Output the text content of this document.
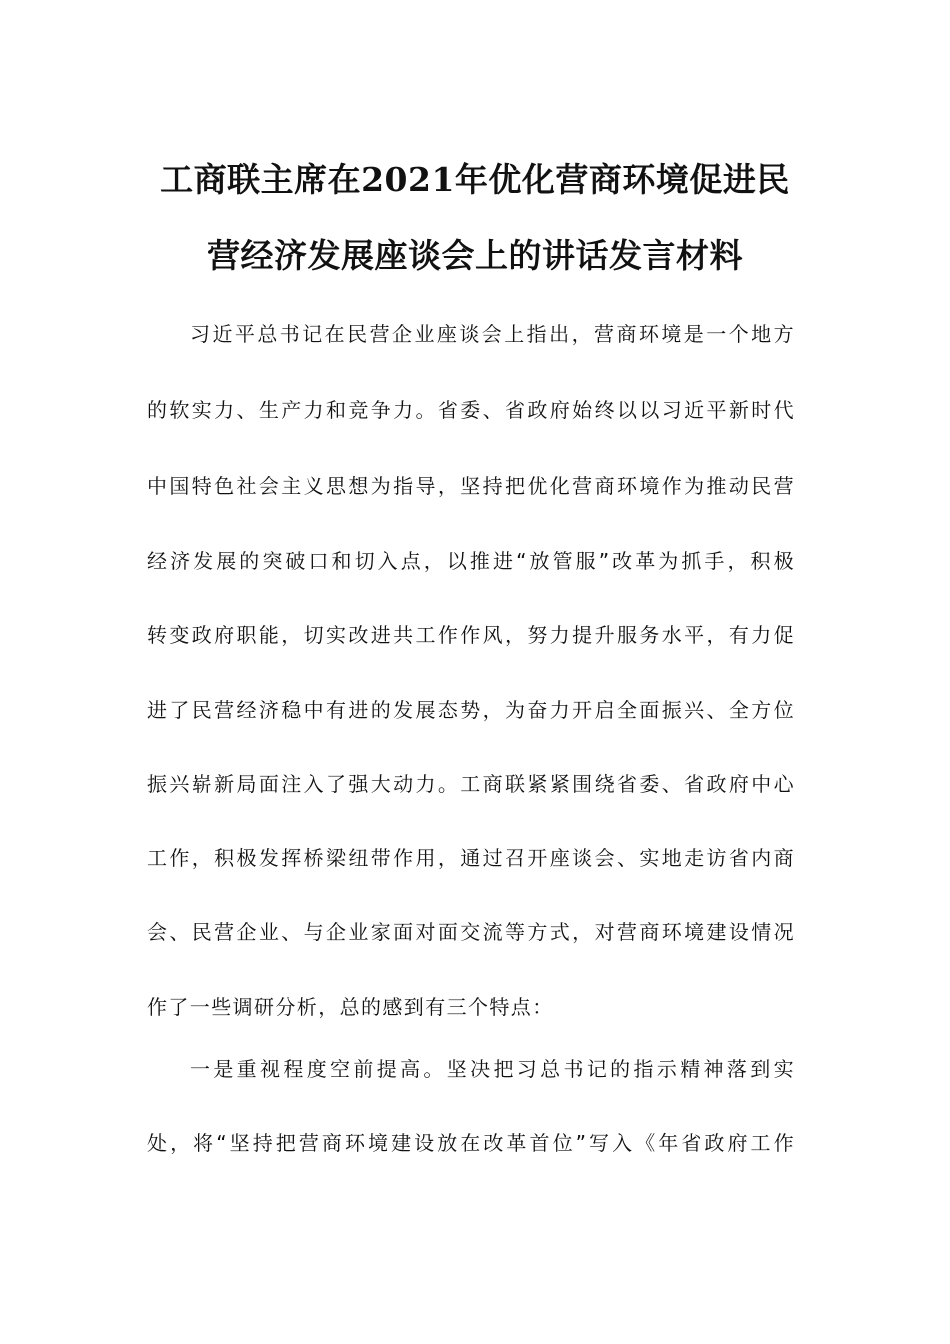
工商联主席在2021年优化营商环境促进民
营经济发展座谈会上的讲话发言材料
习近平总书记在民营企业座谈会上指出，营商环境是一个地方
的软实力、生产力和竞争力。省委、省政府始终以以习近平新时代
中国特色社会主义思想为指导，坚持把优化营商环境作为推动民营
经济发展的突破口和切入点，以推进“放管服”改革为抓手，积极
转变政府职能，切实改进共工作作风，努力提升服务水平，有力促
进了民营经济稳中有进的发展态势，为奋力开启全面振兴、全方位
振兴崭新局面注入了强大动力。工商联紧紧围绕省委、省政府中心
工作，积极发挥桥梁纽带作用，通过召开座谈会、实地走访省内商
会、民营企业、与企业家面对面交流等方式，对营商环境建设情况
作了一些调研分析，总的感到有三个特点：
一是重视程度空前提高。坚决把习总书记的指示精神落到实
处，将“坚持把营商环境建设放在改革首位”写入《年省政府工作
